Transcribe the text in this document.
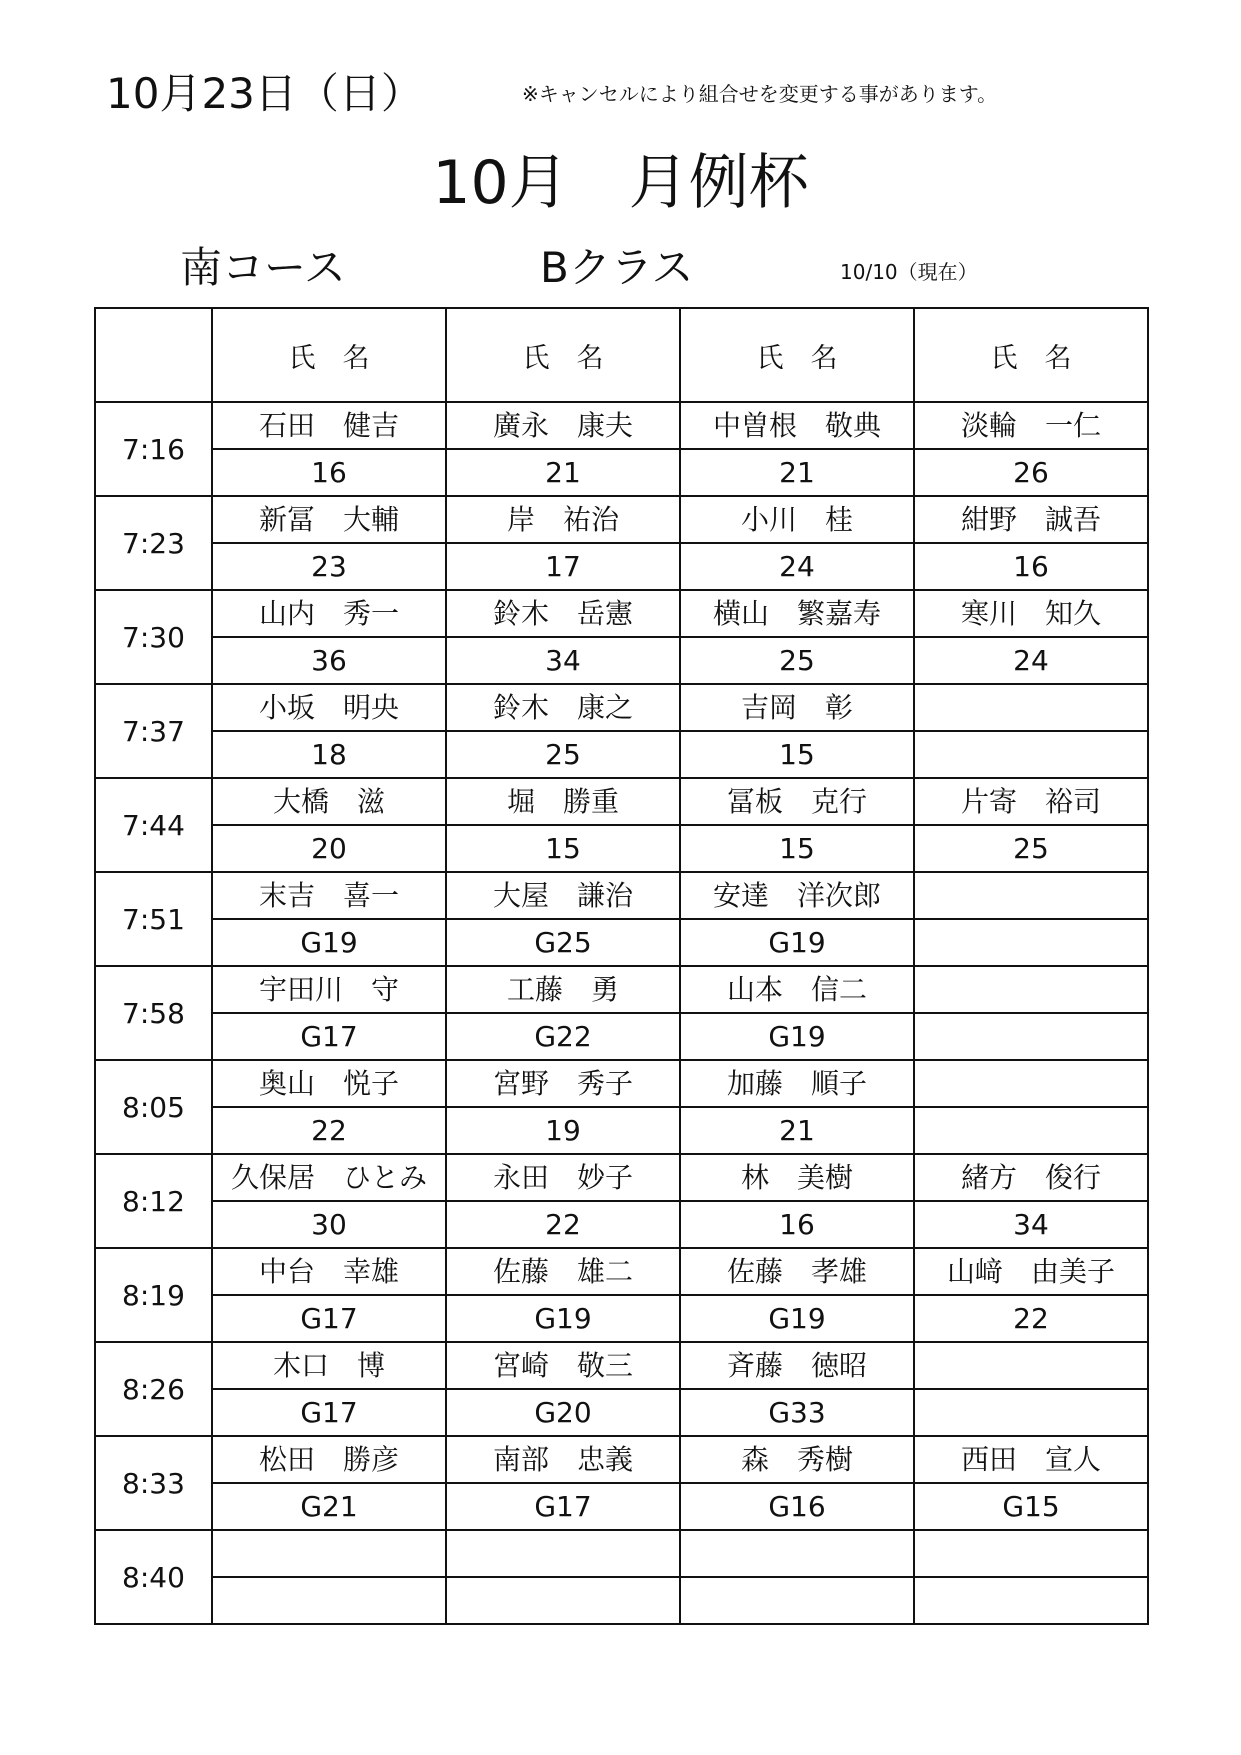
10月23日（日）	※キャンセルにより組合せを変更する事があります。
10月　月例杯
南コース	Bクラス	10/10（現在）
	氏　名	氏　名	氏　名	氏　名
7:16	石田　健吉	廣永　康夫	中曽根　敬典	淡輪　一仁
	16	21	21	26
7:23	新冨　大輔	岸　祐治	小川　桂	紺野　誠吾
	23	17	24	16
7:30	山内　秀一	鈴木　岳憲	横山　繁嘉寿	寒川　知久
	36	34	25	24
7:37	小坂　明央	鈴木　康之	吉岡　彰	
	18	25	15	
7:44	大橋　滋	堀　勝重	冨板　克行	片寄　裕司
	20	15	15	25
7:51	末吉　喜一	大屋　謙治	安達　洋次郎	
	G19	G25	G19	
7:58	宇田川　守	工藤　勇	山本　信二	
	G17	G22	G19	
8:05	奥山　悦子	宮野　秀子	加藤　順子	
	22	19	21	
8:12	久保居　ひとみ	永田　妙子	林　美樹	緒方　俊行
	30	22	16	34
8:19	中台　幸雄	佐藤　雄二	佐藤　孝雄	山﨑　由美子
	G17	G19	G19	22
8:26	木口　博	宮崎　敬三	斉藤　徳昭	
	G17	G20	G33	
8:33	松田　勝彦	南部　忠義	森　秀樹	西田　宣人
	G21	G17	G16	G15
8:40				
